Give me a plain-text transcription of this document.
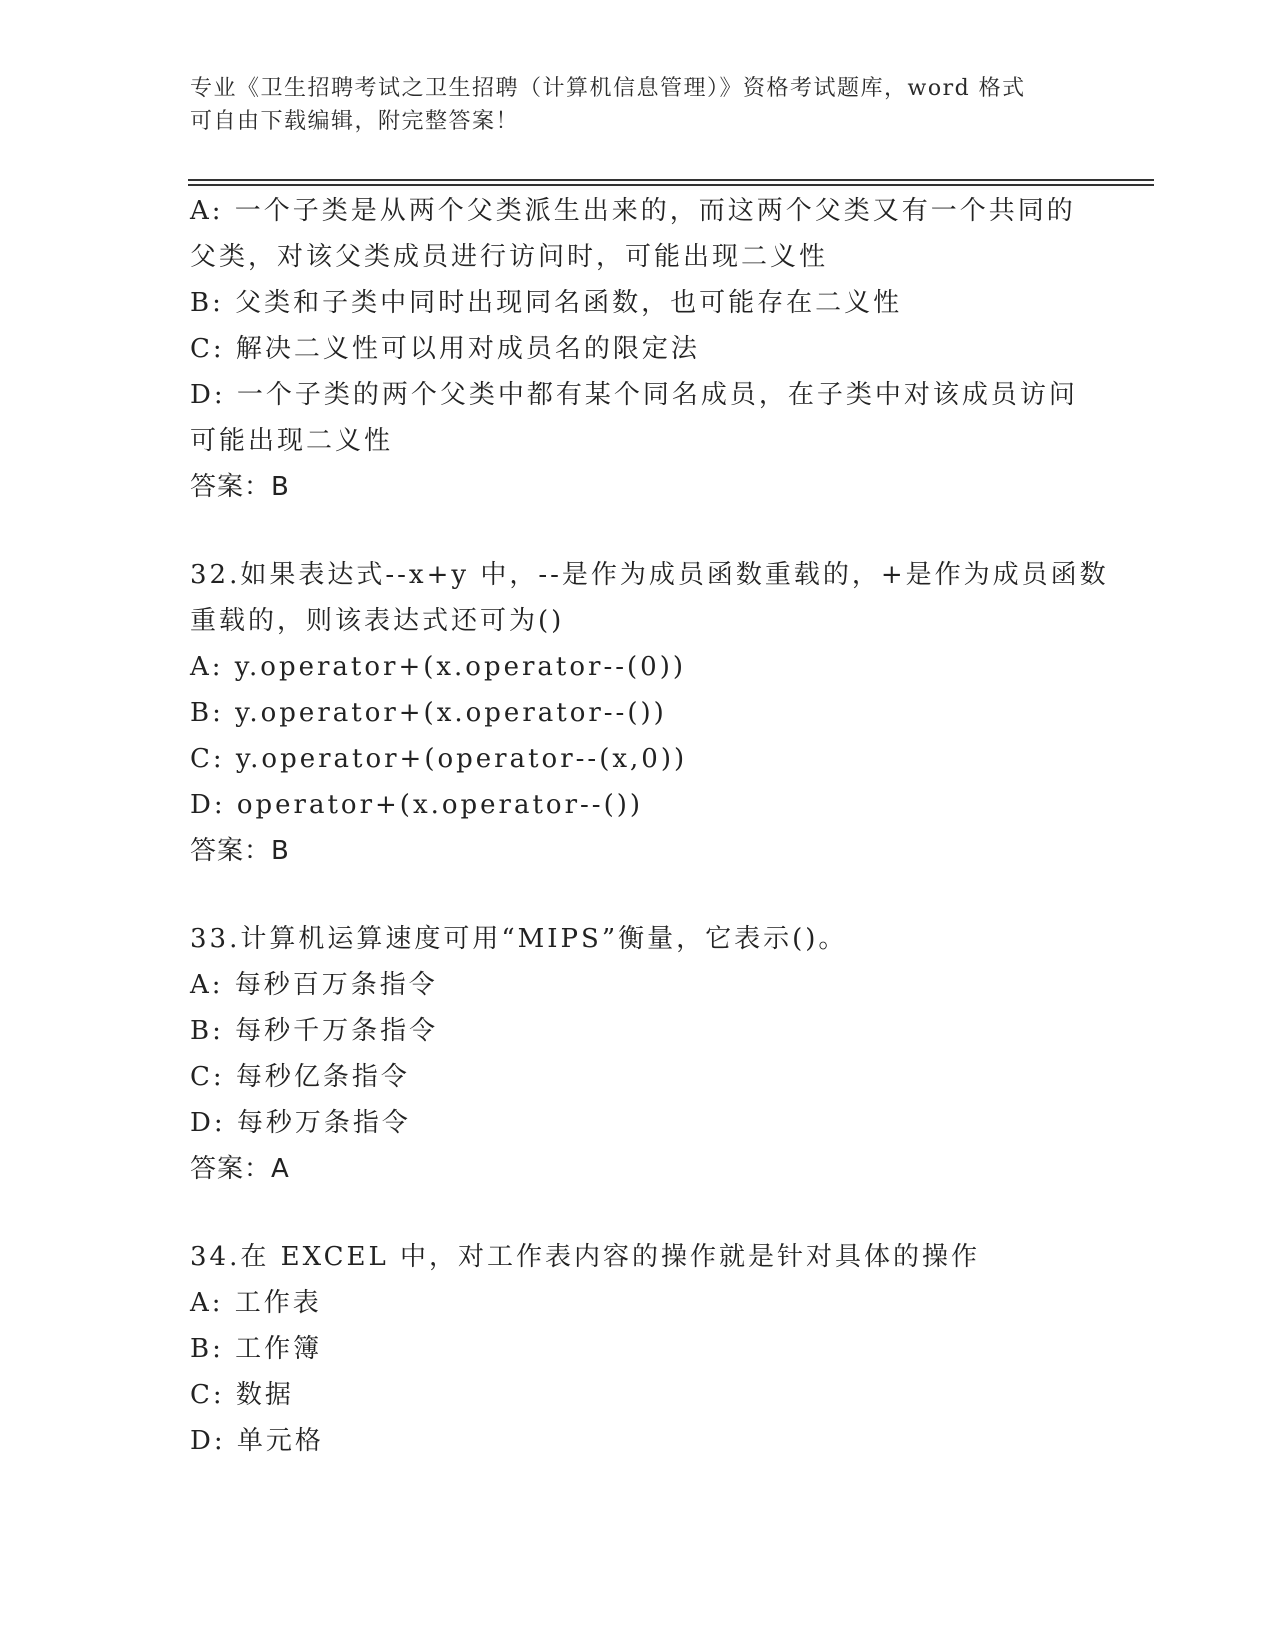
专业《卫生招聘考试之卫生招聘（计算机信息管理）》资格考试题库，word 格式
可自由下载编辑，附完整答案！
A: 一个子类是从两个父类派生出来的，而这两个父类又有一个共同的
父类，对该父类成员进行访问时，可能出现二义性
B: 父类和子类中同时出现同名函数，也可能存在二义性
C: 解决二义性可以用对成员名的限定法
D: 一个子类的两个父类中都有某个同名成员，在子类中对该成员访问
可能出现二义性
答案：B
32.如果表达式--x+y 中，--是作为成员函数重载的，+是作为成员函数
重载的，则该表达式还可为()
A: y.operator+(x.operator--(0))
B: y.operator+(x.operator--())
C: y.operator+(operator--(x,0))
D: operator+(x.operator--())
答案：B
33.计算机运算速度可用“MIPS”衡量，它表示()。
A: 每秒百万条指令
B: 每秒千万条指令
C: 每秒亿条指令
D: 每秒万条指令
答案：A
34.在 EXCEL 中，对工作表内容的操作就是针对具体的操作
A: 工作表
B: 工作簿
C: 数据
D: 单元格
